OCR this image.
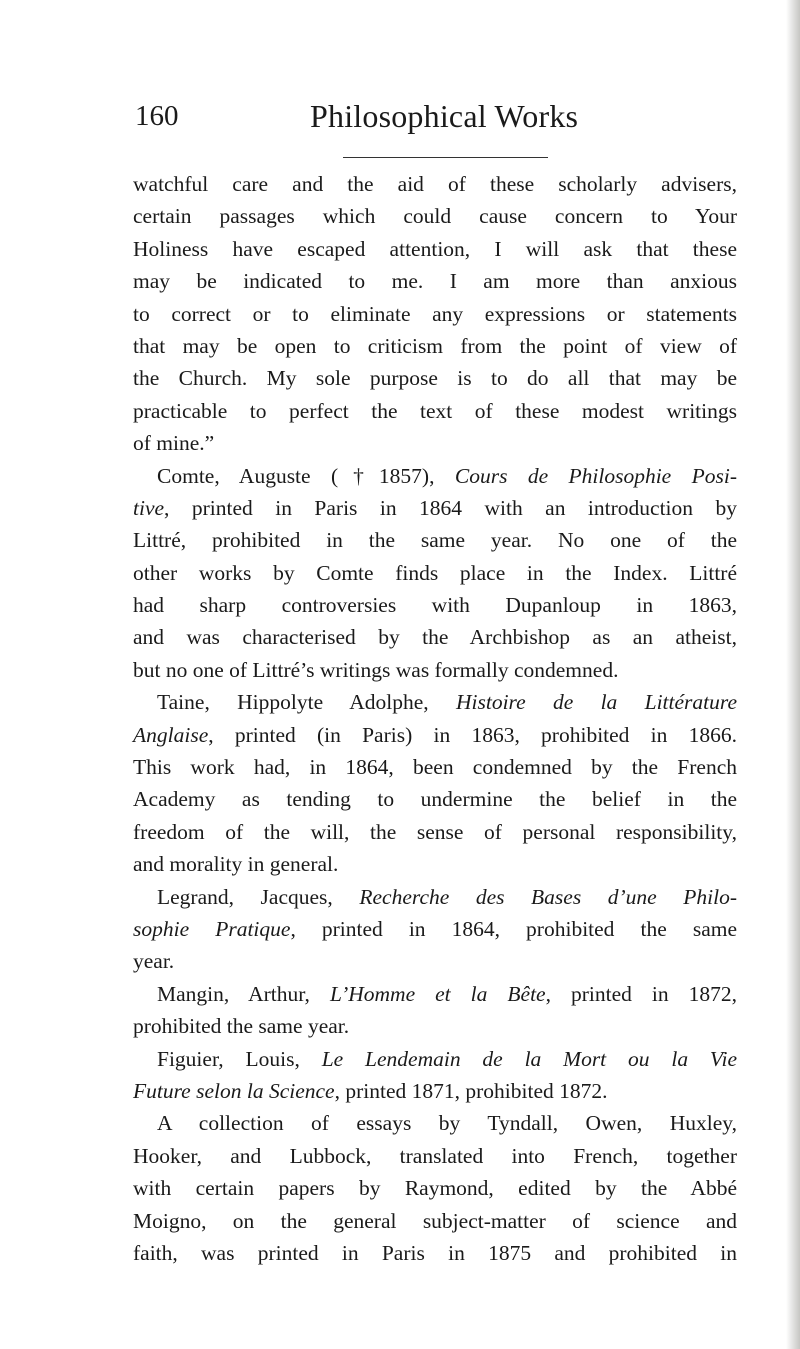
160	Philosophical Works
watchful care and the aid of these scholarly advisers,
certain passages which could cause concern to Your
Holiness have escaped attention, I will ask that these
may be indicated to me. I am more than anxious
to correct or to eliminate any expressions or statements
that may be open to criticism from the point of view of
the Church. My sole purpose is to do all that may be
practicable to perfect the text of these modest writings
of mine.”
Comte, Auguste (†1857), Cours de Philosophie Posi-
tive, printed in Paris in 1864 with an introduction by
Littré, prohibited in the same year. No one of the
other works by Comte finds place in the Index. Littré
had sharp controversies with Dupanloup in 1863,
and was characterised by the Archbishop as an atheist,
but no one of Littré’s writings was formally condemned.
Taine, Hippolyte Adolphe, Histoire de la Littérature
Anglaise, printed (in Paris) in 1863, prohibited in 1866.
This work had, in 1864, been condemned by the French
Academy as tending to undermine the belief in the
freedom of the will, the sense of personal responsibility,
and morality in general.
Legrand, Jacques, Recherche des Bases d’une Philo-
sophie Pratique, printed in 1864, prohibited the same
year.
Mangin, Arthur, L’Homme et la Bête, printed in 1872,
prohibited the same year.
Figuier, Louis, Le Lendemain de la Mort ou la Vie
Future selon la Science, printed 1871, prohibited 1872.
A collection of essays by Tyndall, Owen, Huxley,
Hooker, and Lubbock, translated into French, together
with certain papers by Raymond, edited by the Abbé
Moigno, on the general subject-matter of science and
faith, was printed in Paris in 1875 and prohibited in
